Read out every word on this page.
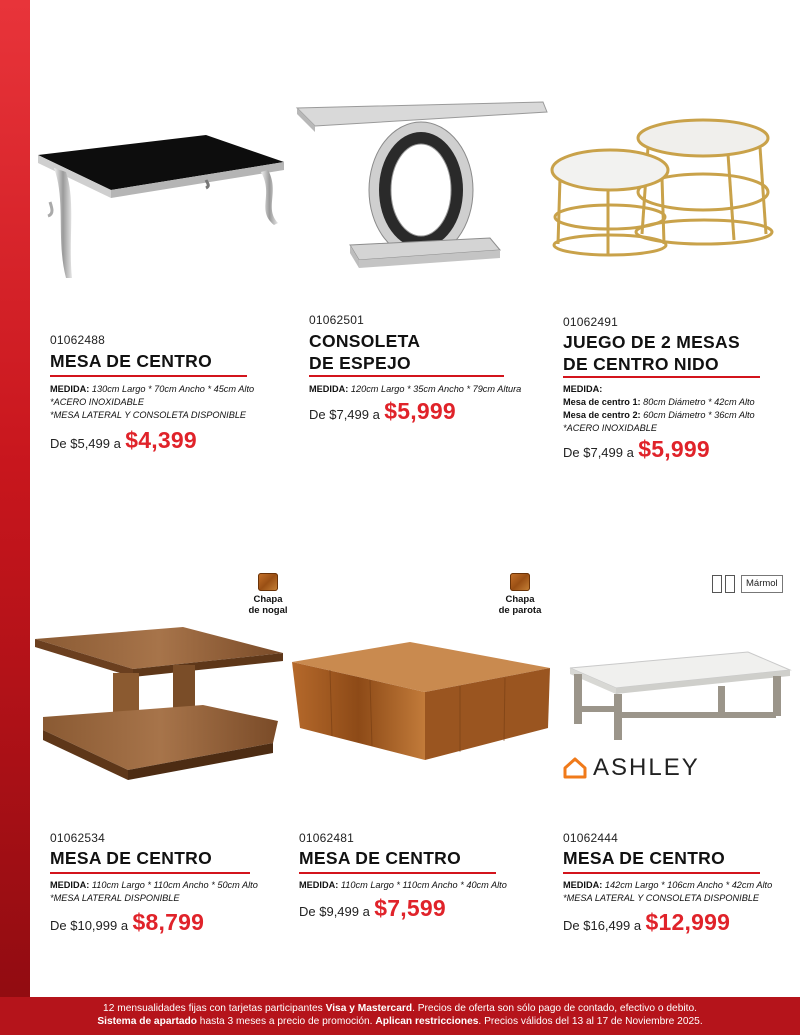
01062488
MESA DE CENTRO
MEDIDA: 130cm Largo * 70cm Ancho * 45cm Alto
*ACERO INOXIDABLE
*MESA LATERAL Y CONSOLETA DISPONIBLE
De $5,499 a $4,399
01062501
CONSOLETA
DE ESPEJO
MEDIDA: 120cm Largo * 35cm Ancho * 79cm Altura
De $7,499 a $5,999
01062491
JUEGO DE 2 MESAS
DE CENTRO NIDO
MEDIDA:
Mesa de centro 1: 80cm Diámetro * 42cm Alto
Mesa de centro 2: 60cm Diámetro * 36cm Alto
*ACERO INOXIDABLE
De $7,499 a $5,999
Chapa
de nogal
Chapa
de parota
Mármol
ASHLEY
01062534
MESA DE CENTRO
MEDIDA: 110cm Largo * 110cm Ancho * 50cm Alto
*MESA LATERAL DISPONIBLE
De $10,999 a $8,799
01062481
MESA DE CENTRO
MEDIDA: 110cm Largo * 110cm Ancho * 40cm Alto
De $9,499 a $7,599
01062444
MESA DE CENTRO
MEDIDA: 142cm Largo * 106cm Ancho * 42cm Alto
*MESA LATERAL Y CONSOLETA DISPONIBLE
De $16,499 a $12,999
12 mensualidades fijas con tarjetas participantes Visa y Mastercard. Precios de oferta son sólo pago de contado, efectivo o debito.
Sistema de apartado hasta 3 meses a precio de promoción. Aplican restricciones. Precios válidos del 13 al 17 de Noviembre 2025.
